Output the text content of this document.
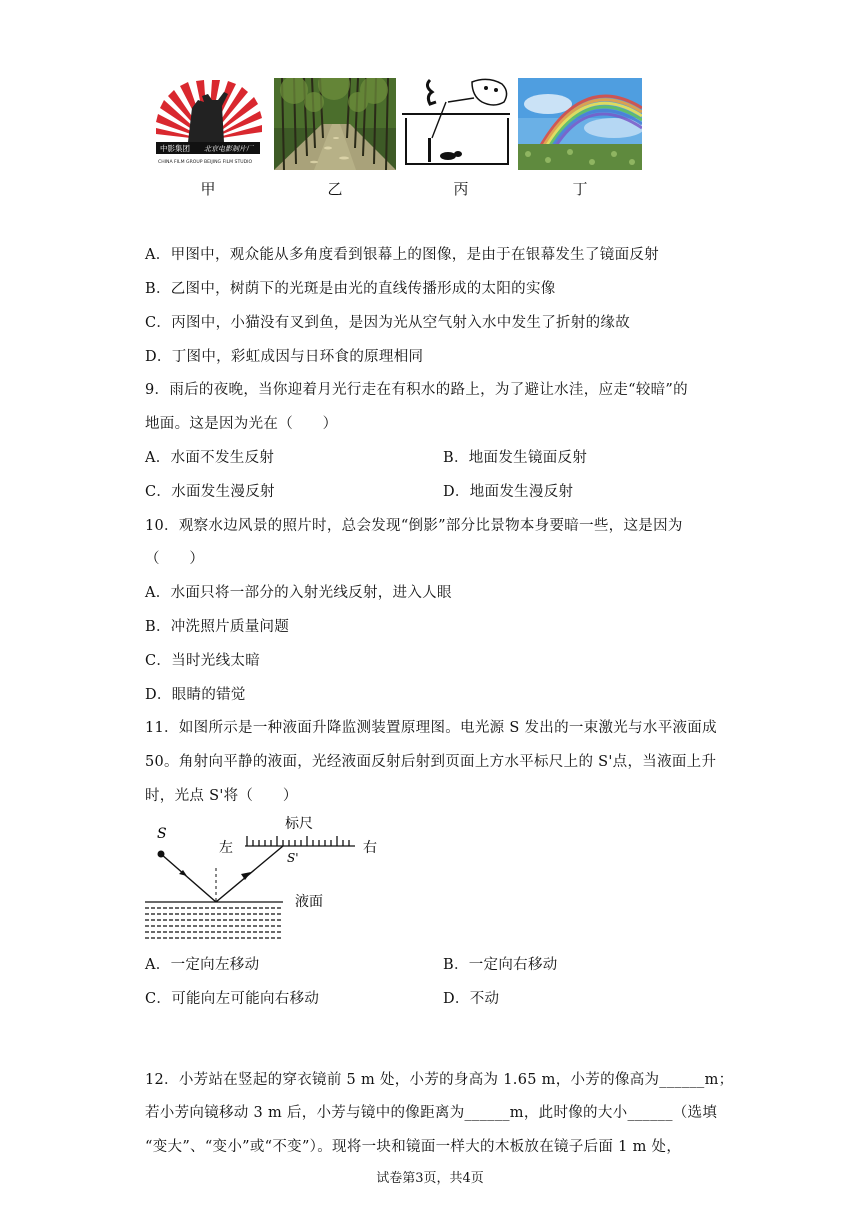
中影集团 北京电影制片厂
CHINA FILM GROUP BEIJING FILM STUDIO
甲	乙	丙	丁
A．甲图中，观众能从多角度看到银幕上的图像，是由于在银幕发生了镜面反射
B．乙图中，树荫下的光斑是由光的直线传播形成的太阳的实像
C．丙图中，小猫没有叉到鱼，是因为光从空气射入水中发生了折射的缘故
D．丁图中，彩虹成因与日环食的原理相同
9．雨后的夜晚，当你迎着月光行走在有积水的路上，为了避让水洼，应走“较暗”的
地面。这是因为光在（　　）
A．水面不发生反射	B．地面发生镜面反射
C．水面发生漫反射	D．地面发生漫反射
10．观察水边风景的照片时，总会发现“倒影”部分比景物本身要暗一些，这是因为
（　　）
A．水面只将一部分的入射光线反射，进入人眼
B．冲洗照片质量问题
C．当时光线太暗
D．眼睛的错觉
11．如图所示是一种液面升降监测装置原理图。电光源 S 发出的一束激光与水平液面成
50。角射向平静的液面，光经液面反射后射到页面上方水平标尺上的 S'点，当液面上升
时，光点 S'将（　　）
S
左
标尺
右
S'
液面
A．一定向左移动	B．一定向右移动
C．可能向左可能向右移动	D．不动
12．小芳站在竖起的穿衣镜前 5 m 处，小芳的身高为 1.65 m，小芳的像高为______m；
若小芳向镜移动 3 m 后，小芳与镜中的像距离为______m，此时像的大小______（选填
“变大”、“变小”或“不变”）。现将一块和镜面一样大的木板放在镜子后面 1 m 处，
试卷第3页，共4页
